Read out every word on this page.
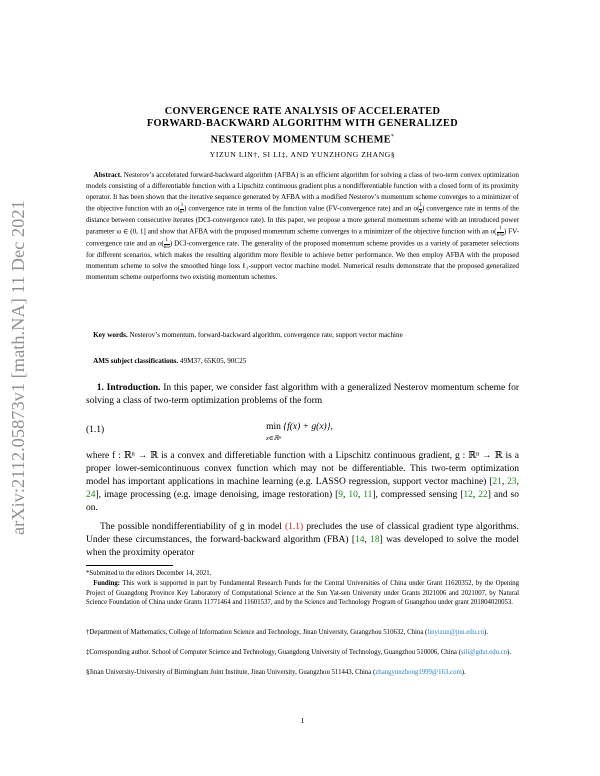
arXiv:2112.05873v1 [math.NA] 11 Dec 2021
CONVERGENCE RATE ANALYSIS OF ACCELERATED
FORWARD-BACKWARD ALGORITHM WITH GENERALIZED
NESTEROV MOMENTUM SCHEME*
YIZUN LIN†, SI LI‡, AND YUNZHONG ZHANG§
Abstract. Nesterov’s accelerated forward-backward algorithm (AFBA) is an efficient algorithm for solving a class of two-term convex optimization models consisting of a differentiable function with a Lipschitz continuous gradient plus a nondifferentiable function with a closed form of its proximity operator. It has been shown that the iterative sequence generated by AFBA with a modified Nesterov’s momentum scheme converges to a minimizer of the objective function with an $o( \frac{1}{\text{k²}}$ ) convergence rate in terms of the function value (FV-convergence rate) and an $o( \frac{1}{k}$ ) convergence rate in terms of the distance between consecutive iterates (DCI-convergence rate). In this paper, we propose a more general momentum scheme with an introduced power parameter ω ∈ (0, 1] and show that AFBA with the proposed momentum scheme converges to a minimizer of the objective function with an $o( \frac{1}{\text{k²ω}}$ ) FV-convergence rate and an $o( \frac{1}{k\omega}$ ) DCI-convergence rate. The generality of the proposed momentum scheme provides us a variety of parameter selections for different scenarios, which makes the resulting algorithm more flexible to achieve better performance. We then employ AFBA with the proposed momentum scheme to solve the smoothed hinge loss ℓ₁-support vector machine model. Numerical results demonstrate that the proposed generalized momentum scheme outperforms two existing momentum schemes.
Key words. Nesterov’s momentum, forward-backward algorithm, convergence rate, support vector machine
AMS subject classifications. 49M37, 65K05, 90C25
1. Introduction. In this paper, we consider fast algorithm with a generalized Nesterov momentum scheme for solving a class of two-term optimization problems of the form
(1.1)	min
x∈ℝⁿ
{f(x) + g(x)},
where f : ℝⁿ → ℝ is a convex and differetiable function with a Lipschitz continuous gradient, g : ℝⁿ → ℝ is a proper lower-semicontinuous convex function which may not be differentiable. This two-term optimization model has important applications in machine learning (e.g. LASSO regression, support vector machine) [21, 23, 24], image processing (e.g. image denoising, image restoration) [9, 10, 11], compressed sensing [12, 22] and so on.
The possible nondifferentiability of g in model (1.1) precludes the use of classical gradient type algorithms. Under these circumstances, the forward-backward algorithm (FBA) [14, 18] was developed to solve the model when the proximity operator
*Submitted to the editors December 14, 2021.
Funding: This work is supported in part by Fundamental Research Funds for the Central Universities of China under Grant 11620352, by the Opening Project of Guangdong Province Key Laboratory of Computational Science at the Sun Yat-sen University under Grants 2021006 and 2021007, by Natural Science Foundation of China under Grants 11771464 and 11601537, and by the Science and Technology Program of Guangzhou under grant 201804020053.
†Department of Mathematics, College of Information Science and Technology, Jinan University, Guangzhou 510632, China (linyizun@jnu.edu.cn).
‡Corresponding author. School of Computer Science and Technology, Guangdong University of Technology, Guangzhou 510006, China (sili@gdut.edu.cn).
§Jinan University-University of Birmingham Joint Institute, Jinan University, Guangzhou 511443, China (zhangyunzhong1999@163.com).
1
